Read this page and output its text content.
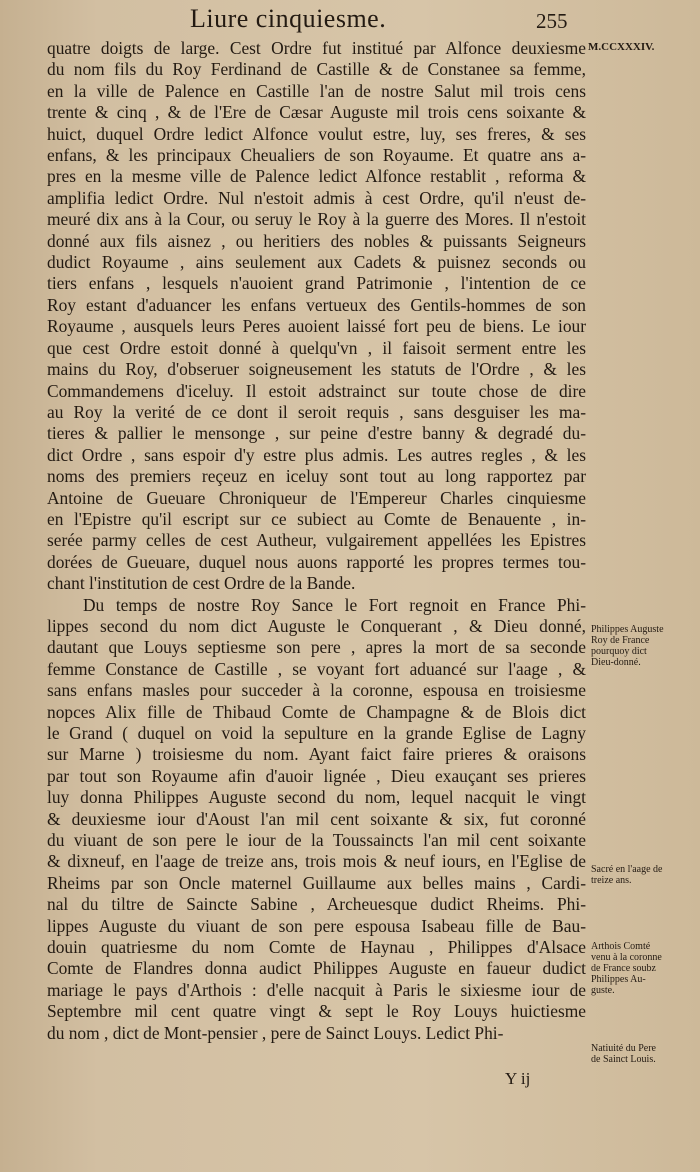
Liure cinquiesme.	255
M.CCXXXIV.
quatre doigts de large. Cest Ordre fut institué par Alfonce deuxiesme
du nom fils du Roy Ferdinand de Castille & de Constanee sa femme,
en la ville de Palence en Castille l'an de nostre Salut mil trois cens
trente & cinq , & de l'Ere de Cæsar Auguste mil trois cens soixante &
huict, duquel Ordre ledict Alfonce voulut estre, luy, ses freres, & ses
enfans, & les principaux Cheualiers de son Royaume. Et quatre ans a-
pres en la mesme ville de Palence ledict Alfonce restablit , reforma &
amplifia ledict Ordre. Nul n'estoit admis à cest Ordre, qu'il n'eust de-
meuré dix ans à la Cour, ou seruy le Roy à la guerre des Mores. Il n'estoit
donné aux fils aisnez , ou heritiers des nobles & puissants Seigneurs
dudict Royaume , ains seulement aux Cadets & puisnez seconds ou
tiers enfans , lesquels n'auoient grand Patrimonie , l'intention de ce
Roy estant d'aduancer les enfans vertueux des Gentils-hommes de son
Royaume , ausquels leurs Peres auoient laissé fort peu de biens. Le iour
que cest Ordre estoit donné à quelqu'vn , il faisoit serment entre les
mains du Roy, d'obseruer soigneusement les statuts de l'Ordre , & les
Commandemens d'iceluy. Il estoit adstrainct sur toute chose de dire
au Roy la verité de ce dont il seroit requis , sans desguiser les ma-
tieres & pallier le mensonge , sur peine d'estre banny & degradé du-
dict Ordre , sans espoir d'y estre plus admis. Les autres regles , & les
noms des premiers reçeuz en iceluy sont tout au long rapportez par
Antoine de Gueuare Chroniqueur de l'Empereur Charles cinquiesme
en l'Epistre qu'il escript sur ce subiect au Comte de Benauente , in-
serée parmy celles de cest Autheur, vulgairement appellées les Epistres
dorées de Gueuare, duquel nous auons rapporté les propres termes tou-
chant l'institution de cest Ordre de la Bande.
Du temps de nostre Roy Sance le Fort regnoit en France Phi-
lippes second du nom dict Auguste le Conquerant , & Dieu donné,
dautant que Louys septiesme son pere , apres la mort de sa seconde
femme Constance de Castille , se voyant fort aduancé sur l'aage , &
sans enfans masles pour succeder à la coronne, espousa en troisiesme
nopces Alix fille de Thibaud Comte de Champagne & de Blois dict
le Grand ( duquel on void la sepulture en la grande Eglise de Lagny
sur Marne ) troisiesme du nom. Ayant faict faire prieres & oraisons
par tout son Royaume afin d'auoir lignée , Dieu exauçant ses prieres
luy donna Philippes Auguste second du nom, lequel nacquit le vingt
& deuxiesme iour d'Aoust l'an mil cent soixante & six, fut coronné
du viuant de son pere le iour de la Toussaincts l'an mil cent soixante
& dixneuf, en l'aage de treize ans, trois mois & neuf iours, en l'Eglise de
Rheims par son Oncle maternel Guillaume aux belles mains , Cardi-
nal du tiltre de Saincte Sabine , Archeuesque dudict Rheims. Phi-
lippes Auguste du viuant de son pere espousa Isabeau fille de Bau-
douin quatriesme du nom Comte de Haynau , Philippes d'Alsace
Comte de Flandres donna audict Philippes Auguste en faueur dudict
mariage le pays d'Arthois : d'elle nacquit à Paris le sixiesme iour de
Septembre mil cent quatre vingt & sept le Roy Louys huictiesme
du nom , dict de Mont-pensier , pere de Sainct Louys. Ledict Phi-
Y ij
Philippes Auguste
Roy de France
pourquoy dict
Dieu-donné.
Sacré en l'aage de
treize ans.
Arthois Comté
venu à la coronne
de France soubz
Philippes Au-
guste.
Natiuité du Pere
de Sainct Louis.
